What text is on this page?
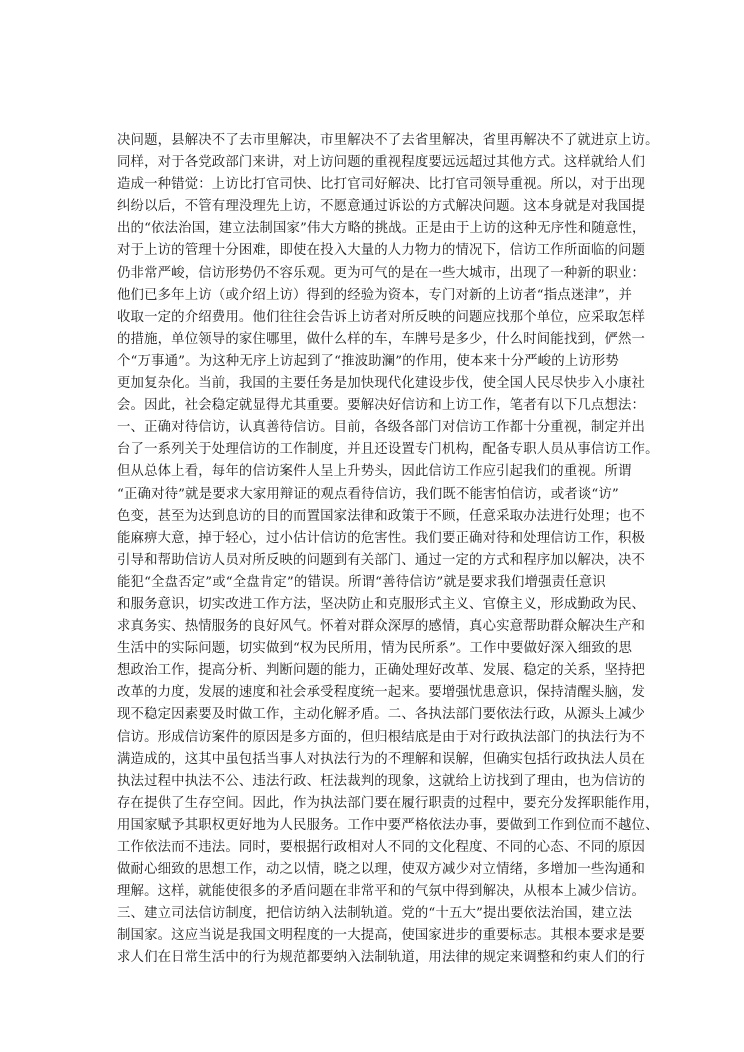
决问题，县解决不了去市里解决，市里解决不了去省里解决，省里再解决不了就进京上访。
同样，对于各党政部门来讲，对上访问题的重视程度要远远超过其他方式。这样就给人们
造成一种错觉：上访比打官司快、比打官司好解决、比打官司领导重视。所以，对于出现
纠纷以后，不管有理没理先上访，不愿意通过诉讼的方式解决问题。这本身就是对我国提
出的“依法治国，建立法制国家”伟大方略的挑战。正是由于上访的这种无序性和随意性，
对于上访的管理十分困难，即使在投入大量的人力物力的情况下，信访工作所面临的问题
仍非常严峻，信访形势仍不容乐观。更为可气的是在一些大城市，出现了一种新的职业：
他们已多年上访（或介绍上访）得到的经验为资本，专门对新的上访者“指点迷津”，并
收取一定的介绍费用。他们往往会告诉上访者对所反映的问题应找那个单位，应采取怎样
的措施，单位领导的家住哪里，做什么样的车，车牌号是多少，什么时间能找到，俨然一
个“万事通”。为这种无序上访起到了“推波助澜”的作用，使本来十分严峻的上访形势
更加复杂化。当前，我国的主要任务是加快现代化建设步伐，使全国人民尽快步入小康社
会。因此，社会稳定就显得尤其重要。要解决好信访和上访工作，笔者有以下几点想法：
一、正确对待信访，认真善待信访。目前，各级各部门对信访工作都十分重视，制定并出
台了一系列关于处理信访的工作制度，并且还设置专门机构，配备专职人员从事信访工作。
但从总体上看，每年的信访案件人呈上升势头，因此信访工作应引起我们的重视。所谓
“正确对待”就是要求大家用辩证的观点看待信访，我们既不能害怕信访，或者谈“访”
色变，甚至为达到息访的目的而置国家法律和政策于不顾，任意采取办法进行处理；也不
能麻痹大意，掉于轻心，过小估计信访的危害性。我们要正确对待和处理信访工作，积极
引导和帮助信访人员对所反映的问题到有关部门、通过一定的方式和程序加以解决，决不
能犯“全盘否定”或“全盘肯定”的错误。所谓“善待信访”就是要求我们增强责任意识
和服务意识，切实改进工作方法，坚决防止和克服形式主义、官僚主义，形成勤政为民、
求真务实、热情服务的良好风气。怀着对群众深厚的感情，真心实意帮助群众解决生产和
生活中的实际问题，切实做到“权为民所用，情为民所系”。工作中要做好深入细致的思
想政治工作，提高分析、判断问题的能力，正确处理好改革、发展、稳定的关系，坚持把
改革的力度，发展的速度和社会承受程度统一起来。要增强忧患意识，保持清醒头脑，发
现不稳定因素要及时做工作，主动化解矛盾。二、各执法部门要依法行政，从源头上减少
信访。形成信访案件的原因是多方面的，但归根结底是由于对行政执法部门的执法行为不
满造成的，这其中虽包括当事人对执法行为的不理解和误解，但确实包括行政执法人员在
执法过程中执法不公、违法行政、枉法裁判的现象，这就给上访找到了理由，也为信访的
存在提供了生存空间。因此，作为执法部门要在履行职责的过程中，要充分发挥职能作用，
用国家赋予其职权更好地为人民服务。工作中要严格依法办事，要做到工作到位而不越位、
工作依法而不违法。同时，要根据行政相对人不同的文化程度、不同的心态、不同的原因
做耐心细致的思想工作，动之以情，晓之以理，使双方减少对立情绪，多增加一些沟通和
理解。这样，就能使很多的矛盾问题在非常平和的气氛中得到解决，从根本上减少信访。
三、建立司法信访制度，把信访纳入法制轨道。党的“十五大”提出要依法治国，建立法
制国家。这应当说是我国文明程度的一大提高，使国家进步的重要标志。其根本要求是要
求人们在日常生活中的行为规范都要纳入法制轨道，用法律的规定来调整和约束人们的行
